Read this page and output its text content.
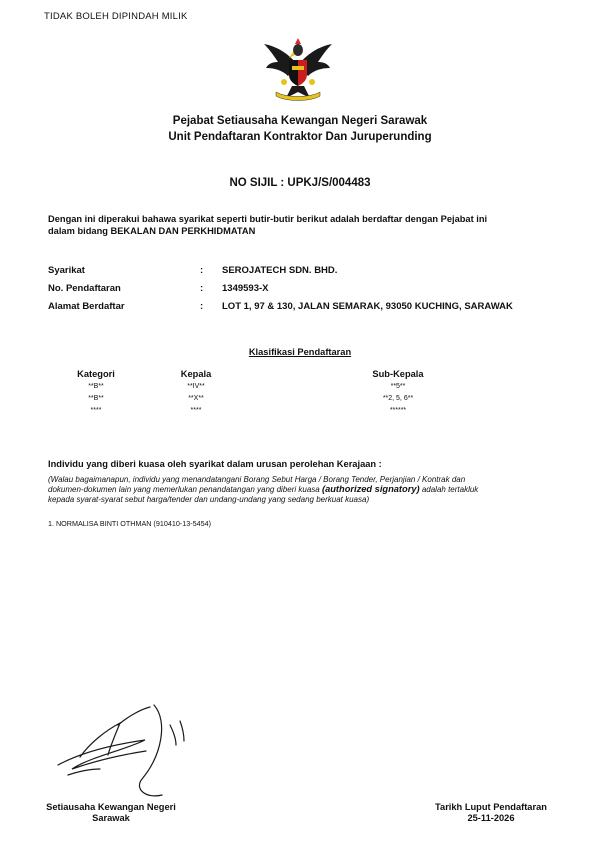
TIDAK BOLEH DIPINDAH MILIK
Pejabat Setiausaha Kewangan Negeri Sarawak
Unit Pendaftaran Kontraktor Dan Juruperunding
NO SIJIL : UPKJ/S/004483
Dengan ini diperakui bahawa syarikat seperti butir-butir berikut adalah berdaftar dengan Pejabat ini
dalam bidang BEKALAN DAN PERKHIDMATAN
Syarikat	: SEROJATECH SDN. BHD.
No. Pendaftaran	: 1349593-X
Alamat Berdaftar	: LOT 1, 97 & 130, JALAN SEMARAK, 93050 KUCHING, SARAWAK
Klasifikasi Pendaftaran
Kategori	Kepala	Sub-Kepala
**B**	**IV**	**5**
**B**	**X**	**2, 5, 6**
****	****	******
Individu yang diberi kuasa oleh syarikat dalam urusan perolehan Kerajaan :
(Walau bagaimanapun, individu yang menandatangani Borang Sebut Harga / Borang Tender, Perjanjian / Kontrak dan
dokumen-dokumen lain yang memerlukan penandatangan yang diberi kuasa (authorized signatory) adalah tertakluk
kepada syarat-syarat sebut harga/tender dan undang-undang yang sedang berkuat kuasa)
1. NORMALISA BINTI OTHMAN (910410-13-5454)
Setiausaha Kewangan Negeri
Sarawak
Tarikh Luput Pendaftaran
25-11-2026
